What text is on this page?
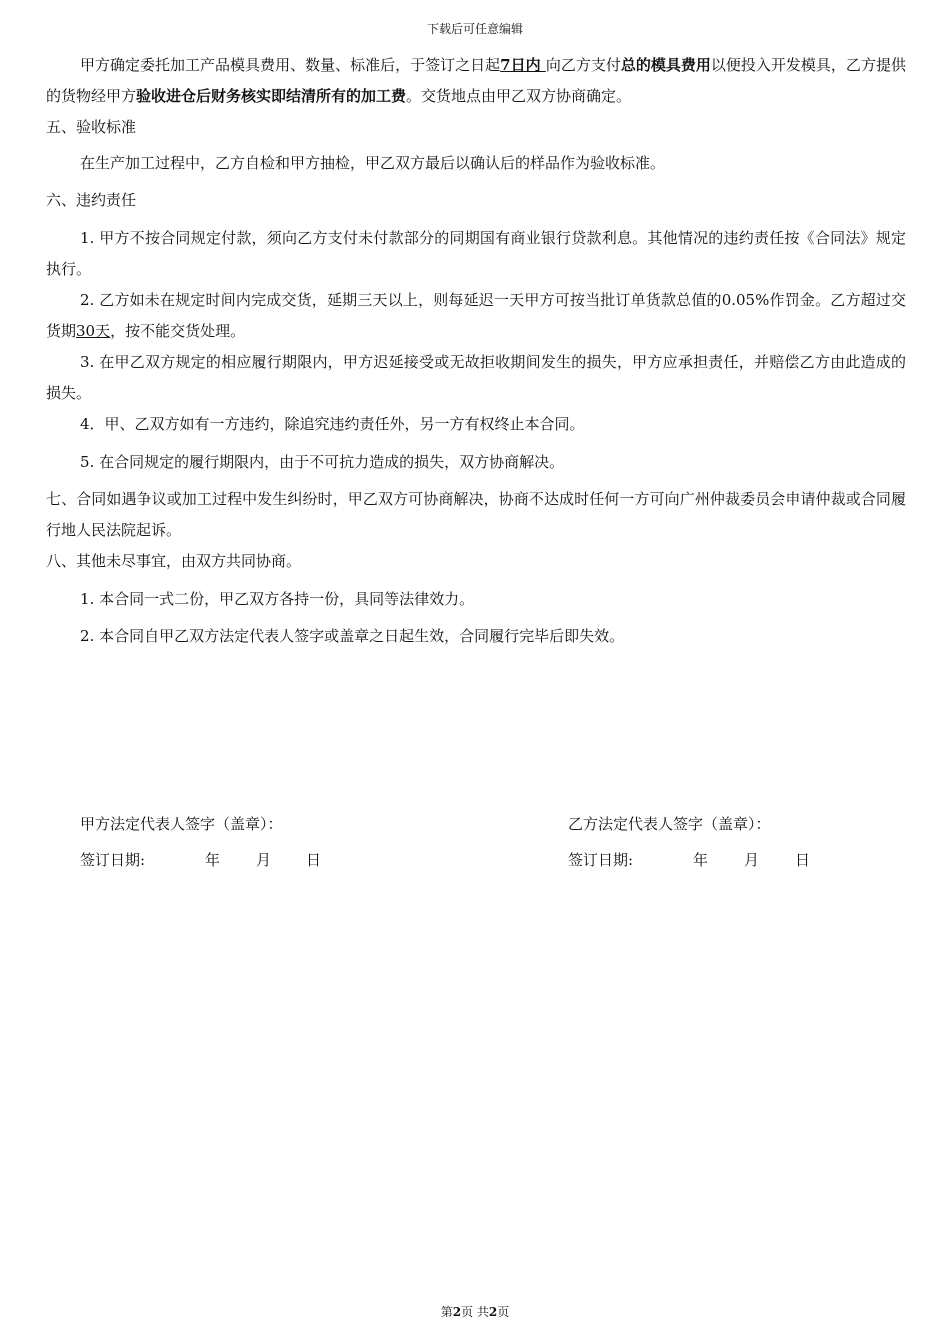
下载后可任意编辑

甲方确定委托加工产品模具费用、数量、标准后，于签订之日起7日内 向乙方支付总的模具费用以便投入开发模具，乙方提供的货物经甲方验收进仓后财务核实即结清所有的加工费。交货地点由甲乙双方协商确定。

五、验收标准

在生产加工过程中，乙方自检和甲方抽检，甲乙双方最后以确认后的样品作为验收标准。

六、违约责任

1. 甲方不按合同规定付款，须向乙方支付未付款部分的同期国有商业银行贷款利息。其他情况的违约责任按《合同法》规定执行。

2. 乙方如未在规定时间内完成交货，延期三天以上，则每延迟一天甲方可按当批订单货款总值的0.05%作罚金。乙方超过交货期30天，按不能交货处理。

3. 在甲乙双方规定的相应履行期限内，甲方迟延接受或无故拒收期间发生的损失，甲方应承担责任，并赔偿乙方由此造成的损失。

4．甲、乙双方如有一方违约，除追究违约责任外，另一方有权终止本合同。

5. 在合同规定的履行期限内，由于不可抗力造成的损失，双方协商解决。

七、合同如遇争议或加工过程中发生纠纷时，甲乙双方可协商解决，协商不达成时任何一方可向广州仲裁委员会申请仲裁或合同履行地人民法院起诉。

八、其他未尽事宜，由双方共同协商。

1. 本合同一式二份，甲乙双方各持一份，具同等法律效力。

2. 本合同自甲乙双方法定代表人签字或盖章之日起生效，合同履行完毕后即失效。

甲方法定代表人签字（盖章）：	乙方法定代表人签字（盖章）：
签订日期:	年 月 日	签订日期:	年 月 日
第2页 共2页
